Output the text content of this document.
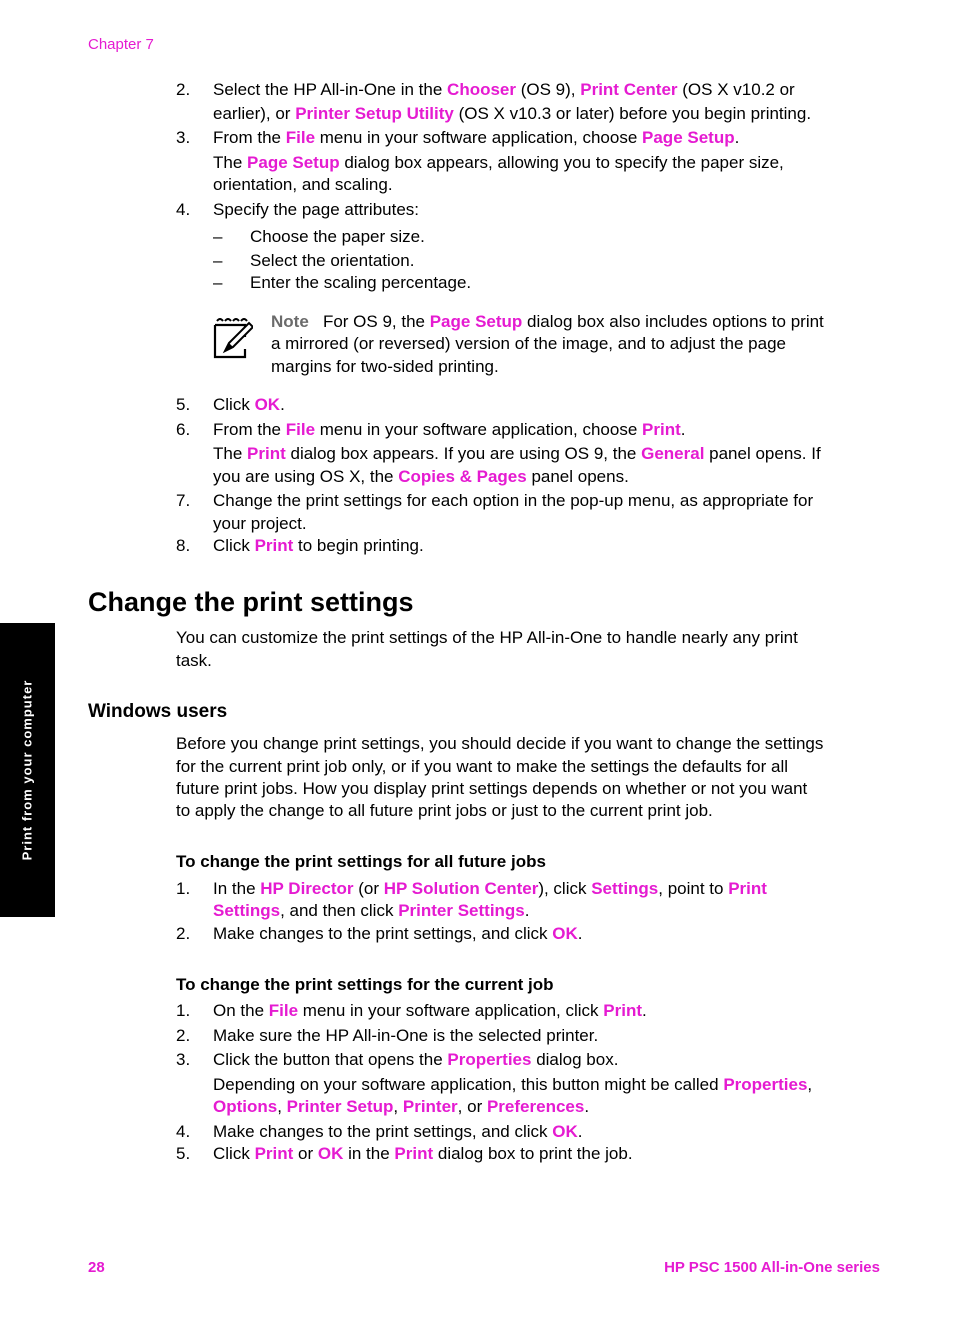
Chapter 7
Print from your computer
2. Select the HP All-in-One in the Chooser (OS 9), Print Center (OS X v10.2 or
earlier), or Printer Setup Utility (OS X v10.3 or later) before you begin printing.
3. From the File menu in your software application, choose Page Setup.
The Page Setup dialog box appears, allowing you to specify the paper size,
orientation, and scaling.
4. Specify the page attributes:
– Choose the paper size.
– Select the orientation.
– Enter the scaling percentage.
Note For OS 9, the Page Setup dialog box also includes options to print
a mirrored (or reversed) version of the image, and to adjust the page
margins for two-sided printing.
5. Click OK.
6. From the File menu in your software application, choose Print.
The Print dialog box appears. If you are using OS 9, the General panel opens. If
you are using OS X, the Copies & Pages panel opens.
7. Change the print settings for each option in the pop-up menu, as appropriate for
your project.
8. Click Print to begin printing.
Change the print settings
You can customize the print settings of the HP All-in-One to handle nearly any print
task.
Windows users
Before you change print settings, you should decide if you want to change the settings
for the current print job only, or if you want to make the settings the defaults for all
future print jobs. How you display print settings depends on whether or not you want
to apply the change to all future print jobs or just to the current print job.
To change the print settings for all future jobs
1. In the HP Director (or HP Solution Center), click Settings, point to Print
Settings, and then click Printer Settings.
2. Make changes to the print settings, and click OK.
To change the print settings for the current job
1. On the File menu in your software application, click Print.
2. Make sure the HP All-in-One is the selected printer.
3. Click the button that opens the Properties dialog box.
Depending on your software application, this button might be called Properties,
Options, Printer Setup, Printer, or Preferences.
4. Make changes to the print settings, and click OK.
5. Click Print or OK in the Print dialog box to print the job.
28	HP PSC 1500 All-in-One series
